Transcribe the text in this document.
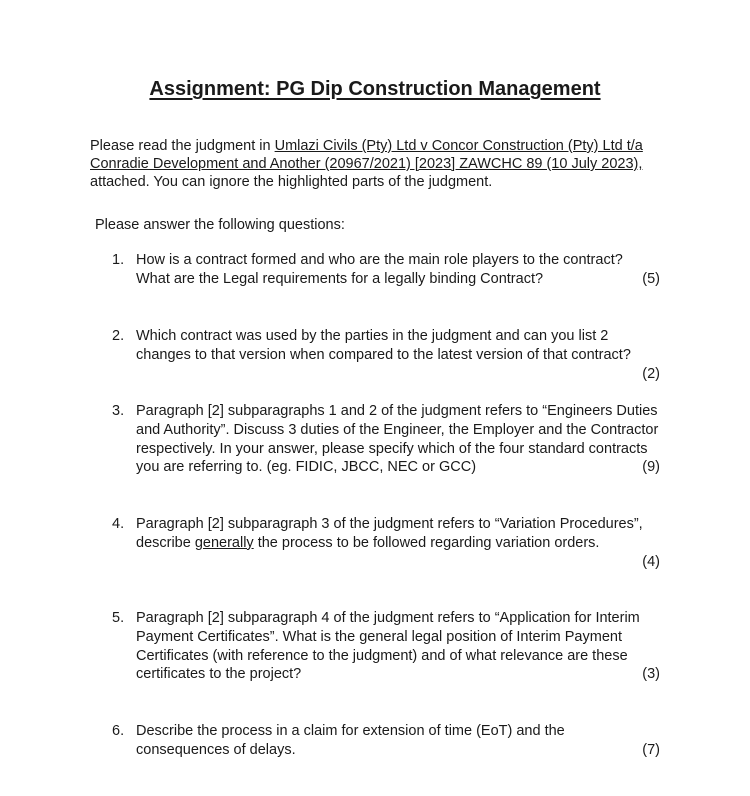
Assignment: PG Dip Construction Management
Please read the judgment in Umlazi Civils (Pty) Ltd v Concor Construction (Pty) Ltd t/a Conradie Development and Another (20967/2021) [2023] ZAWCHC 89 (10 July 2023), attached. You can ignore the highlighted parts of the judgment.
Please answer the following questions:
1. How is a contract formed and who are the main role players to the contract?
What are the Legal requirements for a legally binding Contract?	(5)
2. Which contract was used by the parties in the judgment and can you list 2 changes to that version when compared to the latest version of that contract?
(2)
3.
(9)
Paragraph [2] subparagraphs 1 and 2 of the judgment refers to “Engineers Duties and Authority”. Discuss 3 duties of the Engineer, the Employer and the Contractor respectively. In your answer, please specify which of the four standard contracts you are referring to. (eg. FIDIC, JBCC, NEC or GCC)
4.
(4)
Paragraph [2] subparagraph 3 of the judgment refers to “Variation Procedures”, describe generally the process to be followed regarding variation orders.
5.
(3)
Paragraph [2] subparagraph 4 of the judgment refers to “Application for Interim Payment Certificates”. What is the general legal position of Interim Payment Certificates (with reference to the judgment) and of what relevance are these certificates to the project?
6.
(7)
Describe the process in a claim for extension of time (EoT) and the consequences of delays.
